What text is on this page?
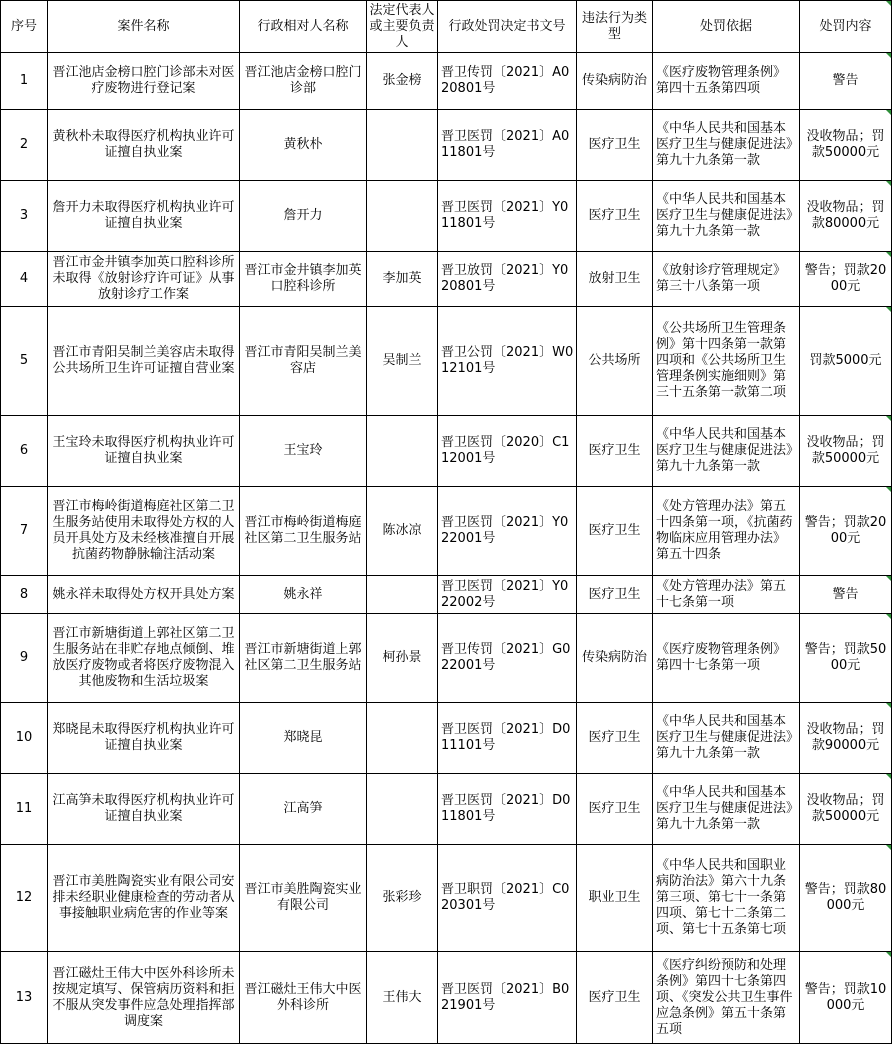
序号	案件名称	行政相对人名称	法定代表人或主要负责人	行政处罚决定书文号	违法行为类型	处罚依据	处罚内容
1	晋江池店金榜口腔门诊部未对医疗废物进行登记案	晋江池店金榜口腔门诊部	张金榜	晋卫传罚〔2021〕A020801号	传染病防治	《医疗废物管理条例》第四十五条第四项	警告
2	黄秋朴未取得医疗机构执业许可证擅自执业案	黄秋朴		晋卫医罚〔2021〕A011801号	医疗卫生	《中华人民共和国基本医疗卫生与健康促进法》第九十九条第一款	没收物品；罚款50000元
3	詹开力未取得医疗机构执业许可证擅自执业案	詹开力		晋卫医罚〔2021〕Y011801号	医疗卫生	《中华人民共和国基本医疗卫生与健康促进法》第九十九条第一款	没收物品；罚款80000元
4	晋江市金井镇李加英口腔科诊所未取得《放射诊疗许可证》从事放射诊疗工作案	晋江市金井镇李加英口腔科诊所	李加英	晋卫放罚〔2021〕Y020801号	放射卫生	《放射诊疗管理规定》第三十八条第一项	警告；罚款2000元
5	晋江市青阳吴制兰美容店未取得公共场所卫生许可证擅自营业案	晋江市青阳吴制兰美容店	吴制兰	晋卫公罚〔2021〕W012101号	公共场所	《公共场所卫生管理条例》第十四条第一款第四项和《公共场所卫生管理条例实施细则》第三十五条第一款第二项	罚款5000元
6	王宝玲未取得医疗机构执业许可证擅自执业案	王宝玲		晋卫医罚〔2020〕C112001号	医疗卫生	《中华人民共和国基本医疗卫生与健康促进法》第九十九条第一款	没收物品；罚款50000元
7	晋江市梅岭街道梅庭社区第二卫生服务站使用未取得处方权的人员开具处方及未经核准擅自开展抗菌药物静脉输注活动案	晋江市梅岭街道梅庭社区第二卫生服务站	陈冰凉	晋卫医罚〔2021〕Y022001号	医疗卫生	《处方管理办法》第五十四条第一项，《抗菌药物临床应用管理办法》第五十四条	警告；罚款2000元
8	姚永祥未取得处方权开具处方案	姚永祥		晋卫医罚〔2021〕Y022002号	医疗卫生	《处方管理办法》第五十七条第一项	警告
9	晋江市新塘街道上郭社区第二卫生服务站在非贮存地点倾倒、堆放医疗废物或者将医疗废物混入其他废物和生活垃圾案	晋江市新塘街道上郭社区第二卫生服务站	柯孙景	晋卫传罚〔2021〕G022001号	传染病防治	《医疗废物管理条例》第四十七条第一项	警告；罚款5000元
10	郑晓昆未取得医疗机构执业许可证擅自执业案	郑晓昆		晋卫医罚〔2021〕D011101号	医疗卫生	《中华人民共和国基本医疗卫生与健康促进法》第九十九条第一款	没收物品；罚款90000元
11	江高笋未取得医疗机构执业许可证擅自执业案	江高笋		晋卫医罚〔2021〕D011801号	医疗卫生	《中华人民共和国基本医疗卫生与健康促进法》第九十九条第一款	没收物品；罚款50000元
12	晋江市美胜陶瓷实业有限公司安排未经职业健康检查的劳动者从事接触职业病危害的作业等案	晋江市美胜陶瓷实业有限公司	张彩珍	晋卫职罚〔2021〕C020301号	职业卫生	《中华人民共和国职业病防治法》第六十九条第三项、第七十一条第四项、第七十二条第二项、第七十五条第七项	警告；罚款80000元
13	晋江磁灶王伟大中医外科诊所未按规定填写、保管病历资料和拒不服从突发事件应急处理指挥部调度案	晋江磁灶王伟大中医外科诊所	王伟大	晋卫医罚〔2021〕B021901号	医疗卫生	《医疗纠纷预防和处理条例》第四十七条第四项、《突发公共卫生事件应急条例》第五十条第五项	警告；罚款10000元
